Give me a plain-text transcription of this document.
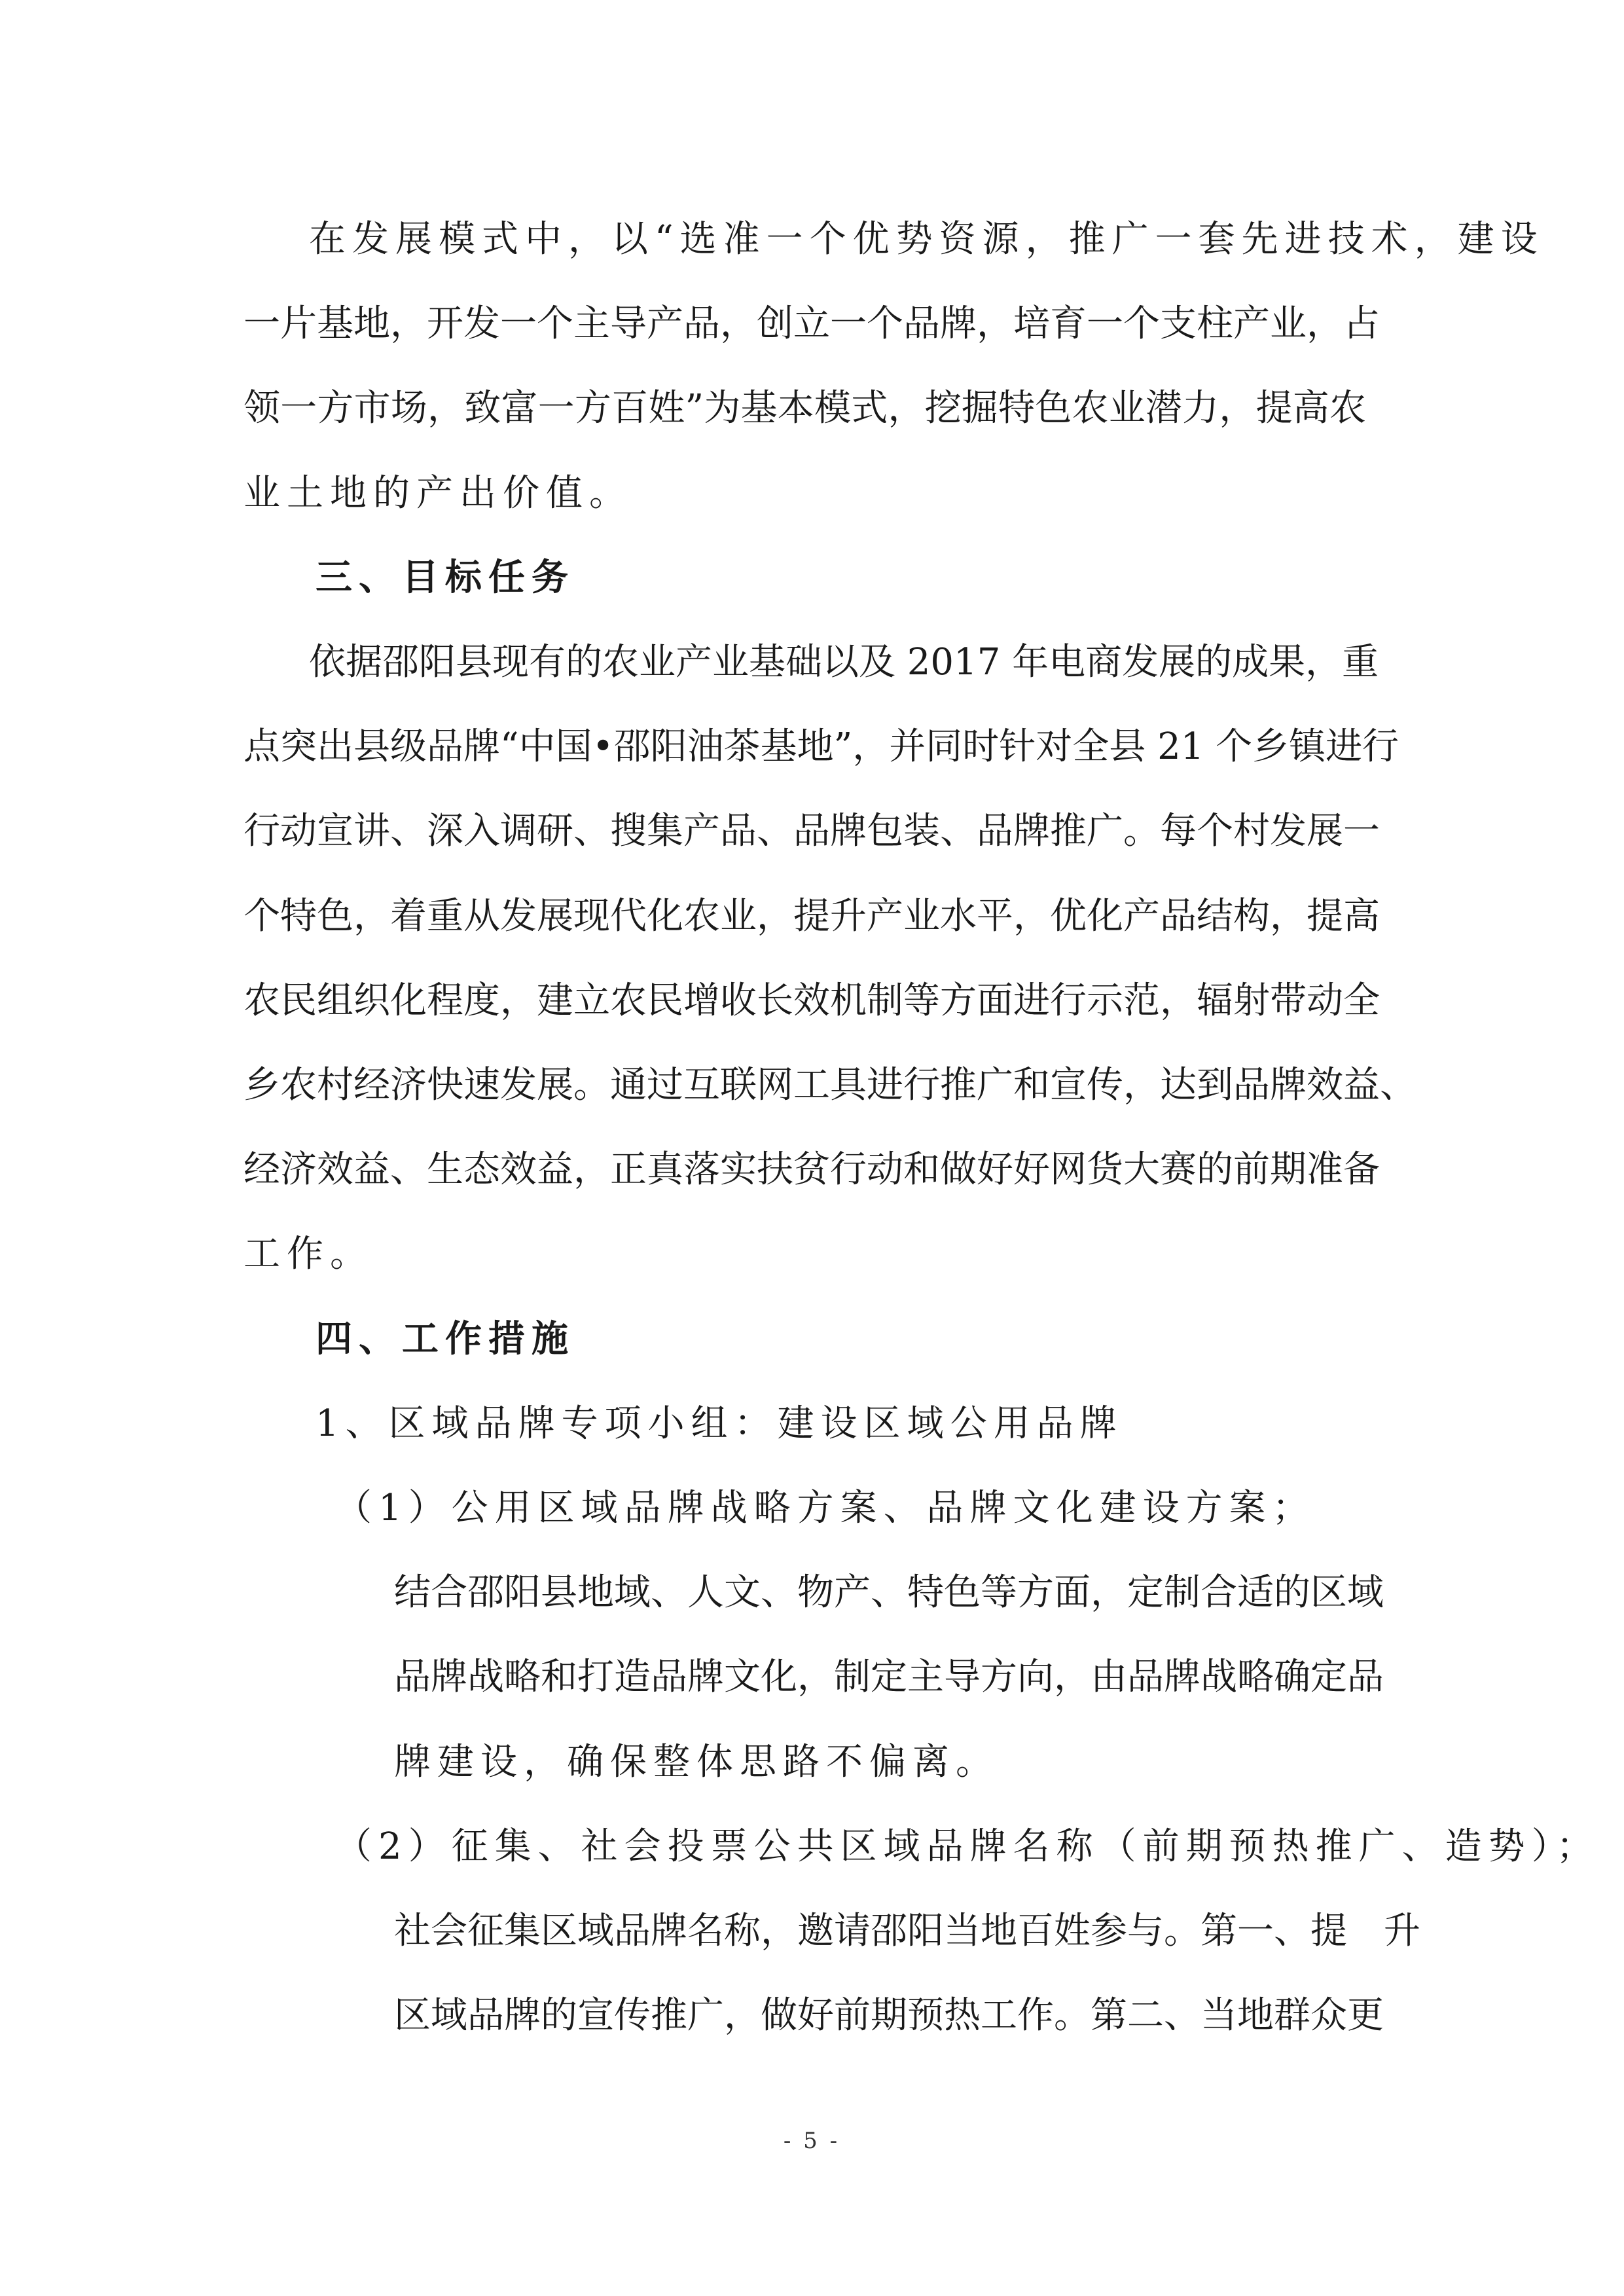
在发展模式中，以“选准一个优势资源，推广一套先进技术，建设
一片基地，开发一个主导产品，创立一个品牌，培育一个支柱产业，占
领一方市场，致富一方百姓”为基本模式，挖掘特色农业潜力，提高农
业土地的产出价值。
三、目标任务
依据邵阳县现有的农业产业基础以及 2017 年电商发展的成果，重
点突出县级品牌“中国•邵阳油茶基地”，并同时针对全县 21 个乡镇进行
行动宣讲、深入调研、搜集产品、品牌包装、品牌推广。每个村发展一
个特色，着重从发展现代化农业，提升产业水平，优化产品结构，提高
农民组织化程度，建立农民增收长效机制等方面进行示范，辐射带动全
乡农村经济快速发展。通过互联网工具进行推广和宣传，达到品牌效益、
经济效益、生态效益，正真落实扶贫行动和做好好网货大赛的前期准备
工作。
四、工作措施
1、区域品牌专项小组：建设区域公用品牌
（1）公用区域品牌战略方案、品牌文化建设方案；
结合邵阳县地域、人文、物产、特色等方面，定制合适的区域
品牌战略和打造品牌文化，制定主导方向，由品牌战略确定品
牌建设，确保整体思路不偏离。
（2）征集、社会投票公共区域品牌名称（前期预热推广、造势）；
社会征集区域品牌名称，邀请邵阳当地百姓参与。第一、提　升
区域品牌的宣传推广，做好前期预热工作。第二、当地群众更
- 5 -
